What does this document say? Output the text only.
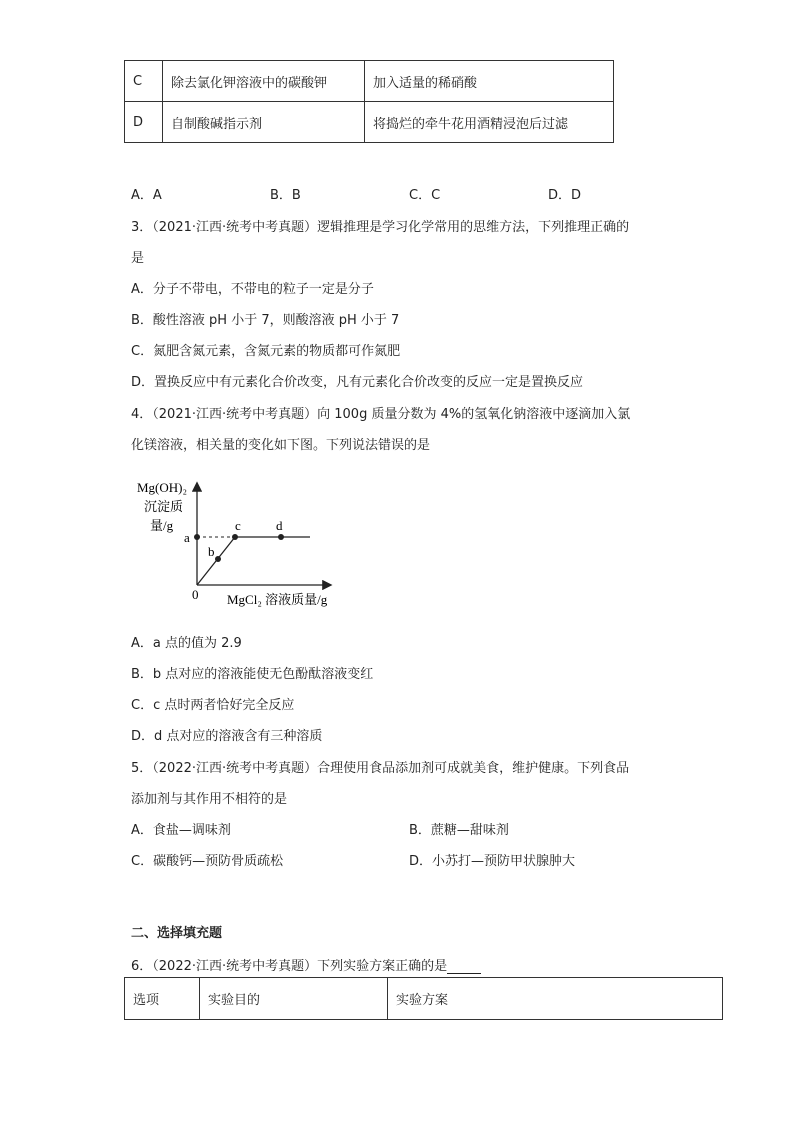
C	除去氯化钾溶液中的碳酸钾	加入适量的稀硝酸
D	自制酸碱指示剂	将捣烂的牵牛花用酒精浸泡后过滤
A．A	B．B	C．C	D．D
3．（2021·江西·统考中考真题）逻辑推理是学习化学常用的思维方法，下列推理正确的
是
A．分子不带电，不带电的粒子一定是分子
B．酸性溶液 pH 小于 7，则酸溶液 pH 小于 7
C．氮肥含氮元素，含氮元素的物质都可作氮肥
D．置换反应中有元素化合价改变，凡有元素化合价改变的反应一定是置换反应
4．（2021·江西·统考中考真题）向 100g 质量分数为 4%的氢氧化钠溶液中逐滴加入氯
化镁溶液，相关量的变化如下图。下列说法错误的是
Mg(OH)₂
沉淀质
量/g
a
b
c	d
0 MgCl₂ 溶液质量/g
A．a 点的值为 2.9
B．b 点对应的溶液能使无色酚酞溶液变红
C．c 点时两者恰好完全反应
D．d 点对应的溶液含有三种溶质
5．（2022·江西·统考中考真题）合理使用食品添加剂可成就美食，维护健康。下列食品
添加剂与其作用不相符的是
A．食盐—调味剂	B．蔗糖—甜味剂
C．碳酸钙—预防骨质疏松	D．小苏打—预防甲状腺肿大
二、选择填充题
6．（2022·江西·统考中考真题）下列实验方案正确的是
选项	实验目的	实验方案
